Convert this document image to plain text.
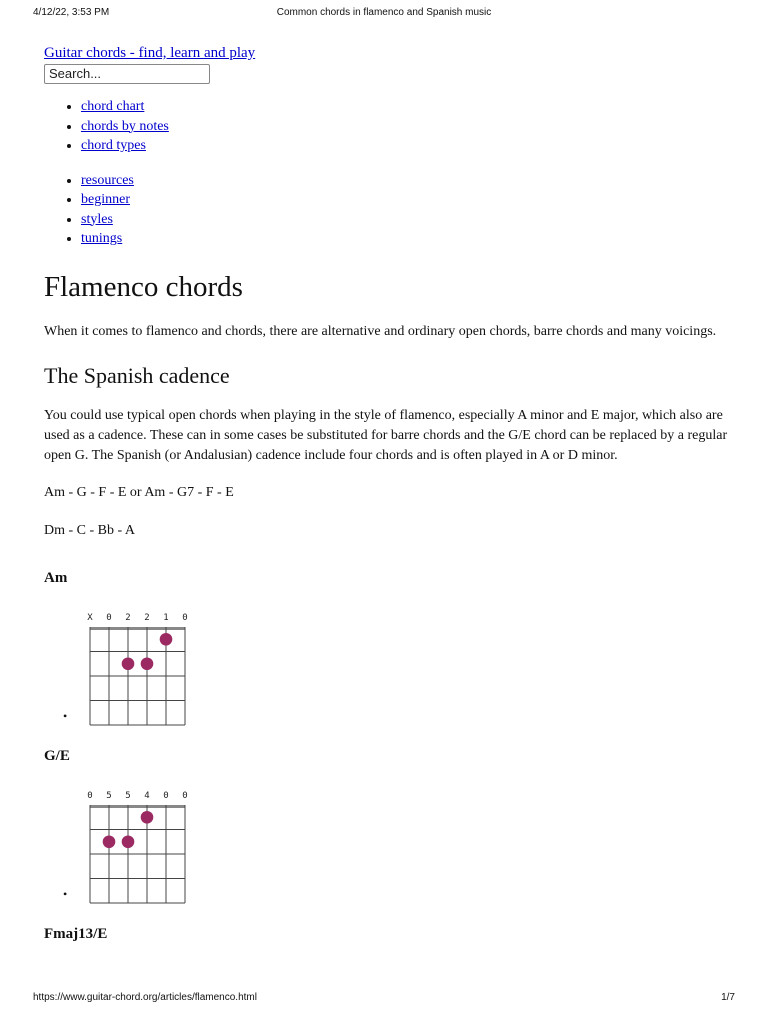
4/12/22, 3:53 PM	Common chords in flamenco and Spanish music
Guitar chords - find, learn and play
Search...
• chord chart
• chords by notes
• chord types
• resources
• beginner
• styles
• tunings
Flamenco chords

When it comes to flamenco and chords, there are alternative and ordinary open chords, barre chords and many voicings.

The Spanish cadence

You could use typical open chords when playing in the style of flamenco, especially A minor and E major, which also are used as a cadence. These can in some cases be substituted for barre chords and the G/E chord can be replaced by a regular open G. The Spanish (or Andalusian) cadence include four chords and is often played in A or D minor.

Am - G - F - E or Am - G7 - F - E

Dm - C - Bb - A

Am
•
X 0 2 2 1 0
G/E
•
0 5 5 4 0 0
Fmaj13/E
https://www.guitar-chord.org/articles/flamenco.html	1/7
